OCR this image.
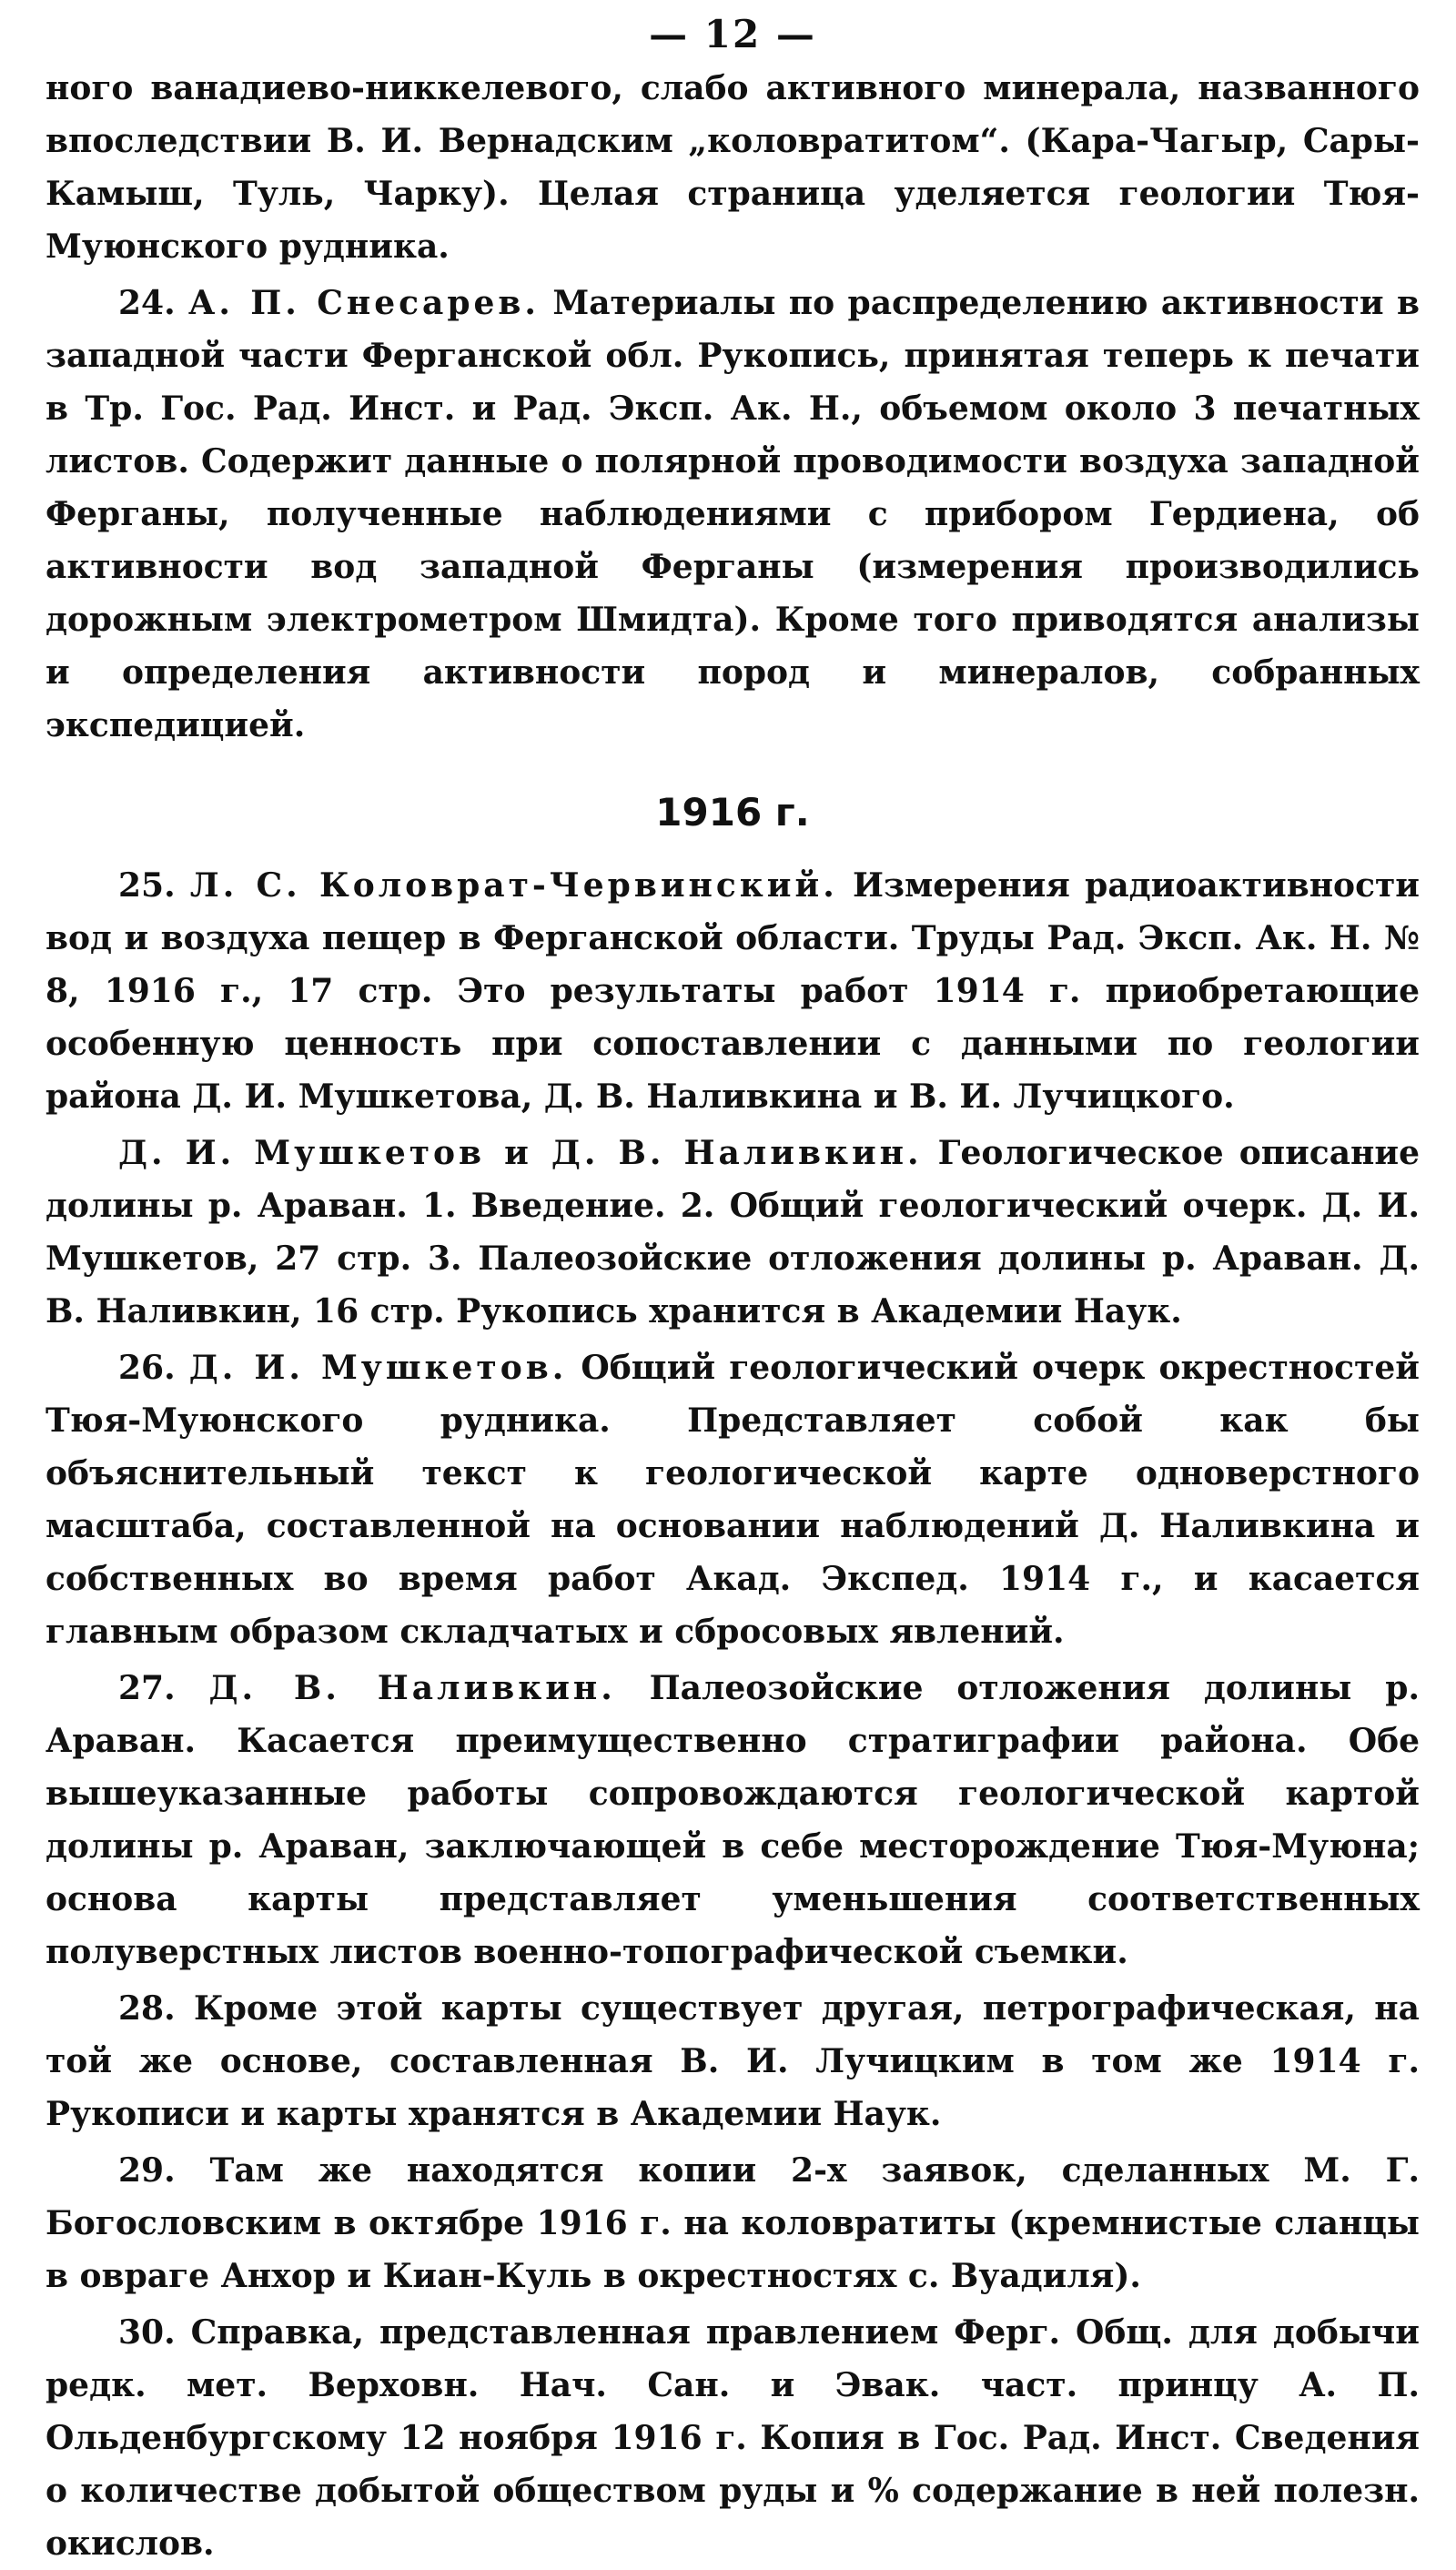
— 12 —

ного ванадиево-никкелевого, слабо активного минерала, названного впоследствии В. И. Вернадским „коловратитом“. (Кара-Чагыр, Сары-Камыш, Туль, Чарку). Целая страница уделяется геологии Тюя-Муюнского рудника.

24. А. П. Снесарев. Материалы по распределению активности в западной части Ферганской обл. Рукопись, принятая теперь к печати в Тр. Гос. Рад. Инст. и Рад. Эксп. Ак. Н., объемом около 3 печатных листов. Содержит данные о полярной проводимости воздуха западной Ферганы, полученные наблюдениями с прибором Гердиена, об активности вод западной Ферганы (измерения производились дорожным электрометром Шмидта). Кроме того приводятся анализы и определения активности пород и минералов, собранных экспедицией.

1916 г.

25. Л. С. Коловрат-Червинский. Измерения радиоактивности вод и воздуха пещер в Ферганской области. Труды Рад. Эксп. Ак. Н. № 8, 1916 г., 17 стр. Это результаты работ 1914 г. приобретающие особенную ценность при сопоставлении с данными по геологии района Д. И. Мушкетова, Д. В. Наливкина и В. И. Лучицкого.

Д. И. Мушкетов и Д. В. Наливкин. Геологическое описание долины р. Араван. 1. Введение. 2. Общий геологический очерк. Д. И. Мушкетов, 27 стр. 3. Палеозойские отложения долины р. Араван. Д. В. Наливкин, 16 стр. Рукопись хранится в Академии Наук.

26. Д. И. Мушкетов. Общий геологический очерк окрестностей Тюя-Муюнского рудника. Представляет собой как бы объяснительный текст к геологической карте одноверстного масштаба, составленной на основании наблюдений Д. Наливкина и собственных во время работ Акад. Экспед. 1914 г., и касается главным образом складчатых и сбросовых явлений.

27. Д. В. Наливкин. Палеозойские отложения долины р. Араван. Касается преимущественно стратиграфии района. Обе вышеуказанные работы сопровождаются геологической картой долины р. Араван, заключающей в себе месторождение Тюя-Муюна; основа карты представляет уменьшения соответственных полуверстных листов военно-топографической съемки.

28. Кроме этой карты существует другая, петрографическая, на той же основе, составленная В. И. Лучицким в том же 1914 г. Рукописи и карты хранятся в Академии Наук.

29. Там же находятся копии 2-х заявок, сделанных М. Г. Богословским в октябре 1916 г. на коловратиты (кремнистые сланцы в овраге Анхор и Киан-Куль в окрестностях с. Вуадиля).

30. Справка, представленная правлением Ферг. Общ. для добычи редк. мет. Верховн. Нач. Сан. и Эвак. част. принцу А. П. Ольденбургскому 12 ноября 1916 г. Копия в Гос. Рад. Инст. Сведения о количестве добытой обществом руды и % содержание в ней полезн. окислов.
